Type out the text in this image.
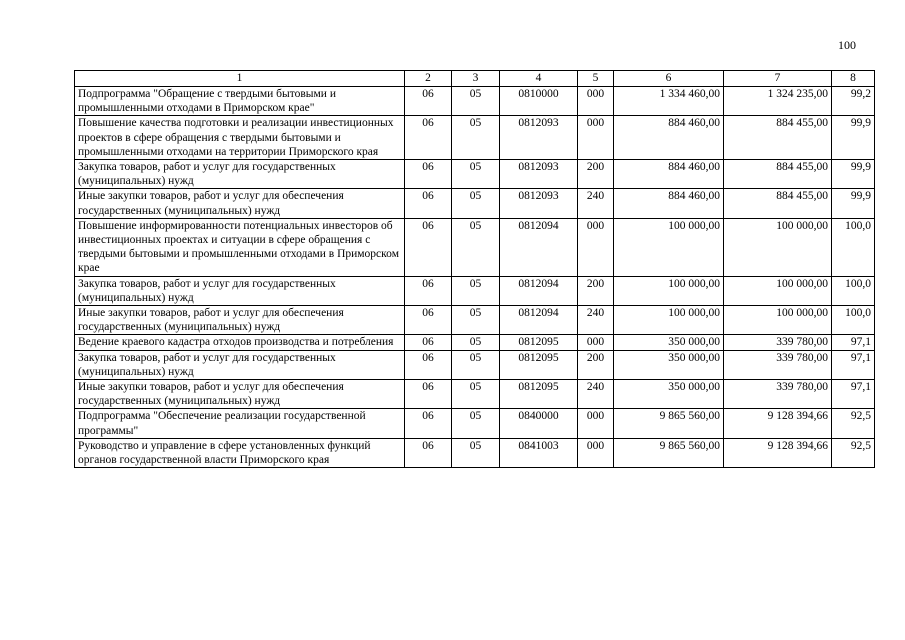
100
1	2	3	4	5	6	7	8
Подпрограмма "Обращение с твердыми бытовыми и промышленными отходами в Приморском крае"	06	05	0810000	000	1 334 460,00	1 324 235,00	99,2
Повышение качества подготовки и реализации инвестиционных проектов в сфере обращения с твердыми бытовыми и промышленными отходами на территории Приморского края	06	05	0812093	000	884 460,00	884 455,00	99,9
Закупка товаров, работ и услуг для государственных (муниципальных) нужд	06	05	0812093	200	884 460,00	884 455,00	99,9
Иные закупки товаров, работ и услуг для обеспечения государственных (муниципальных) нужд	06	05	0812093	240	884 460,00	884 455,00	99,9
Повышение информированности потенциальных инвесторов об инвестиционных проектах и ситуации в сфере обращения с твердыми бытовыми и промышленными отходами в Приморском крае	06	05	0812094	000	100 000,00	100 000,00	100,0
Закупка товаров, работ и услуг для государственных (муниципальных) нужд	06	05	0812094	200	100 000,00	100 000,00	100,0
Иные закупки товаров, работ и услуг для обеспечения государственных (муниципальных) нужд	06	05	0812094	240	100 000,00	100 000,00	100,0
Ведение краевого кадастра отходов производства и потребления	06	05	0812095	000	350 000,00	339 780,00	97,1
Закупка товаров, работ и услуг для государственных (муниципальных) нужд	06	05	0812095	200	350 000,00	339 780,00	97,1
Иные закупки товаров, работ и услуг для обеспечения государственных (муниципальных) нужд	06	05	0812095	240	350 000,00	339 780,00	97,1
Подпрограмма "Обеспечение реализации государственной программы"	06	05	0840000	000	9 865 560,00	9 128 394,66	92,5
Руководство и управление в сфере установленных функций органов государственной власти Приморского края	06	05	0841003	000	9 865 560,00	9 128 394,66	92,5
